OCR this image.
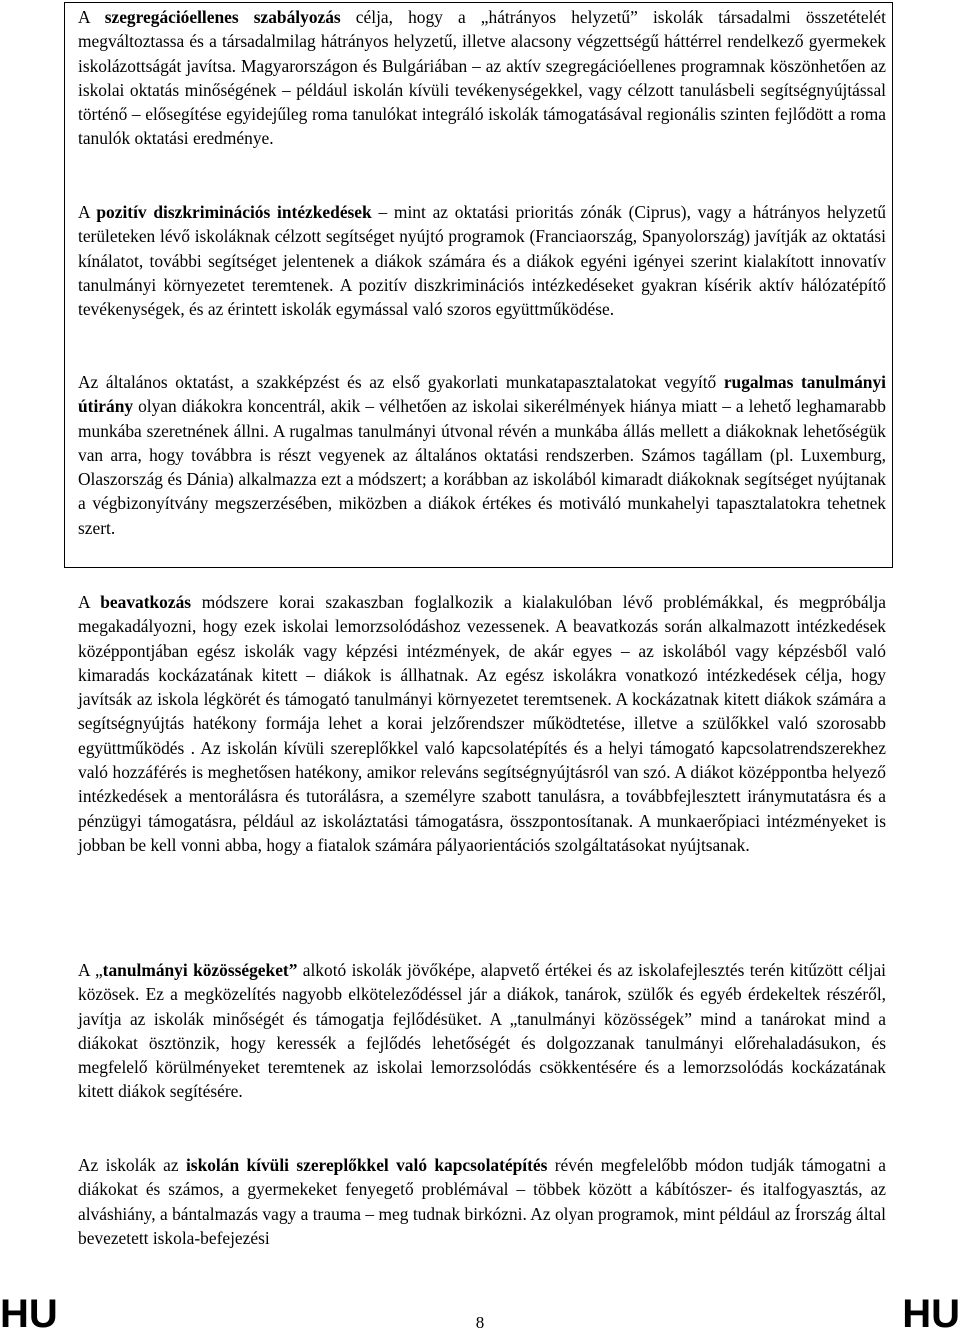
A szegregációellenes szabályozás célja, hogy a „hátrányos helyzetű” iskolák társadalmi összetételét megváltoztassa és a társadalmilag hátrányos helyzetű, illetve alacsony végzettségű háttérrel rendelkező gyermekek iskolázottságát javítsa. Magyarországon és Bulgáriában – az aktív szegregációellenes programnak köszönhetően az iskolai oktatás minőségének – például iskolán kívüli tevékenységekkel, vagy célzott tanulásbeli segítségnyújtással történő – elősegítése egyidejűleg roma tanulókat integráló iskolák támogatásával regionális szinten fejlődött a roma tanulók oktatási eredménye.

A pozitív diszkriminációs intézkedések – mint az oktatási prioritás zónák (Ciprus), vagy a hátrányos helyzetű területeken lévő iskoláknak célzott segítséget nyújtó programok (Franciaország, Spanyolország) javítják az oktatási kínálatot, további segítséget jelentenek a diákok számára és a diákok egyéni igényei szerint kialakított innovatív tanulmányi környezetet teremtenek. A pozitív diszkriminációs intézkedéseket gyakran kísérik aktív hálózatépítő tevékenységek, és az érintett iskolák egymással való szoros együttműködése.

Az általános oktatást, a szakképzést és az első gyakorlati munkatapasztalatokat vegyítő rugalmas tanulmányi útirány olyan diákokra koncentrál, akik – vélhetően az iskolai sikerélmények hiánya miatt – a lehető leghamarabb munkába szeretnének állni. A rugalmas tanulmányi útvonal révén a munkába állás mellett a diákoknak lehetőségük van arra, hogy továbbra is részt vegyenek az általános oktatási rendszerben. Számos tagállam (pl. Luxemburg, Olaszország és Dánia) alkalmazza ezt a módszert; a korábban az iskolából kimaradt diákoknak segítséget nyújtanak a végbizonyítvány megszerzésében, miközben a diákok értékes és motiváló munkahelyi tapasztalatokra tehetnek szert.

A beavatkozás módszere korai szakaszban foglalkozik a kialakulóban lévő problémákkal, és megpróbálja megakadályozni, hogy ezek iskolai lemorzsolódáshoz vezessenek. A beavatkozás során alkalmazott intézkedések középpontjában egész iskolák vagy képzési intézmények, de akár egyes – az iskolából vagy képzésből való kimaradás kockázatának kitett – diákok is állhatnak. Az egész iskolákra vonatkozó intézkedések célja, hogy javítsák az iskola légkörét és támogató tanulmányi környezetet teremtsenek. A kockázatnak kitett diákok számára a segítségnyújtás hatékony formája lehet a korai jelzőrendszer működtetése, illetve a szülőkkel való szorosabb együttműködés . Az iskolán kívüli szereplőkkel való kapcsolatépítés és a helyi támogató kapcsolatrendszerekhez való hozzáférés is meghetősen hatékony, amikor releváns segítségnyújtásról van szó. A diákot középpontba helyező intézkedések a mentorálásra és tutorálásra, a személyre szabott tanulásra, a továbbfejlesztett iránymutatásra és a pénzügyi támogatásra, például az iskoláztatási támogatásra, összpontosítanak. A munkaerőpiaci intézményeket is jobban be kell vonni abba, hogy a fiatalok számára pályaorientációs szolgáltatásokat nyújtsanak.

A „tanulmányi közösségeket” alkotó iskolák jövőképe, alapvető értékei és az iskolafejlesztés terén kitűzött céljai közösek. Ez a megközelítés nagyobb elköteleződéssel jár a diákok, tanárok, szülők és egyéb érdekeltek részéről, javítja az iskolák minőségét és támogatja fejlődésüket. A „tanulmányi közösségek” mind a tanárokat mind a diákokat ösztönzik, hogy keressék a fejlődés lehetőségét és dolgozzanak tanulmányi előrehaladásukon, és megfelelő körülményeket teremtenek az iskolai lemorzsolódás csökkentésére és a lemorzsolódás kockázatának kitett diákok segítésére.

Az iskolák az iskolán kívüli szereplőkkel való kapcsolatépítés révén megfelelőbb módon tudják támogatni a diákokat és számos, a gyermekeket fenyegető problémával – többek között a kábítószer- és italfogyasztás, az alváshiány, a bántalmazás vagy a trauma – meg tudnak birkózni. Az olyan programok, mint például az Írország által bevezetett iskola-befejezési

HU	8	HU
